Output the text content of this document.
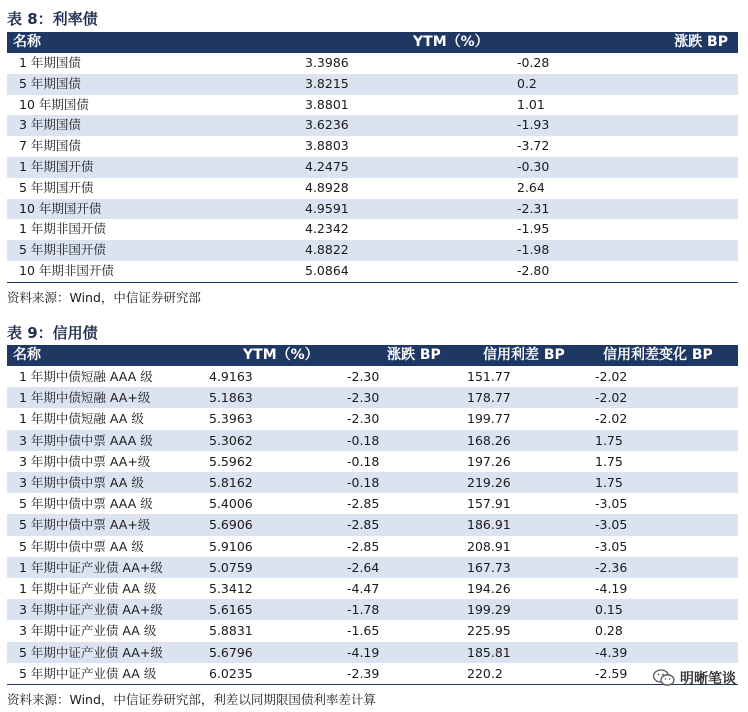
表 8：利率债
名称	YTM（%）	涨跌 BP
1 年期国债	3.3986	-0.28
5 年期国债	3.8215	0.2
10 年期国债	3.8801	1.01
3 年期国债	3.6236	-1.93
7 年期国债	3.8803	-3.72
1 年期国开债	4.2475	-0.30
5 年期国开债	4.8928	2.64
10 年期国开债	4.9591	-2.31
1 年期非国开债	4.2342	-1.95
5 年期非国开债	4.8822	-1.98
10 年期非国开债	5.0864	-2.80
资料来源：Wind，中信证券研究部
表 9：信用债
名称	YTM（%）	涨跌 BP	信用利差 BP	信用利差变化 BP
1 年期中债短融 AAA 级	4.9163	-2.30	151.77	-2.02
1 年期中债短融 AA+级	5.1863	-2.30	178.77	-2.02
1 年期中债短融 AA 级	5.3963	-2.30	199.77	-2.02
3 年期中债中票 AAA 级	5.3062	-0.18	168.26	1.75
3 年期中债中票 AA+级	5.5962	-0.18	197.26	1.75
3 年期中债中票 AA 级	5.8162	-0.18	219.26	1.75
5 年期中债中票 AAA 级	5.4006	-2.85	157.91	-3.05
5 年期中债中票 AA+级	5.6906	-2.85	186.91	-3.05
5 年期中债中票 AA 级	5.9106	-2.85	208.91	-3.05
1 年期中证产业债 AA+级	5.0759	-2.64	167.73	-2.36
1 年期中证产业债 AA 级	5.3412	-4.47	194.26	-4.19
3 年期中证产业债 AA+级	5.6165	-1.78	199.29	0.15
3 年期中证产业债 AA 级	5.8831	-1.65	225.95	0.28
5 年期中证产业债 AA+级	5.6796	-4.19	185.81	-4.39
5 年期中证产业债 AA 级	6.0235	-2.39	220.2	-2.59
资料来源：Wind，中信证券研究部，利差以同期限国债利率差计算
明晰笔谈
